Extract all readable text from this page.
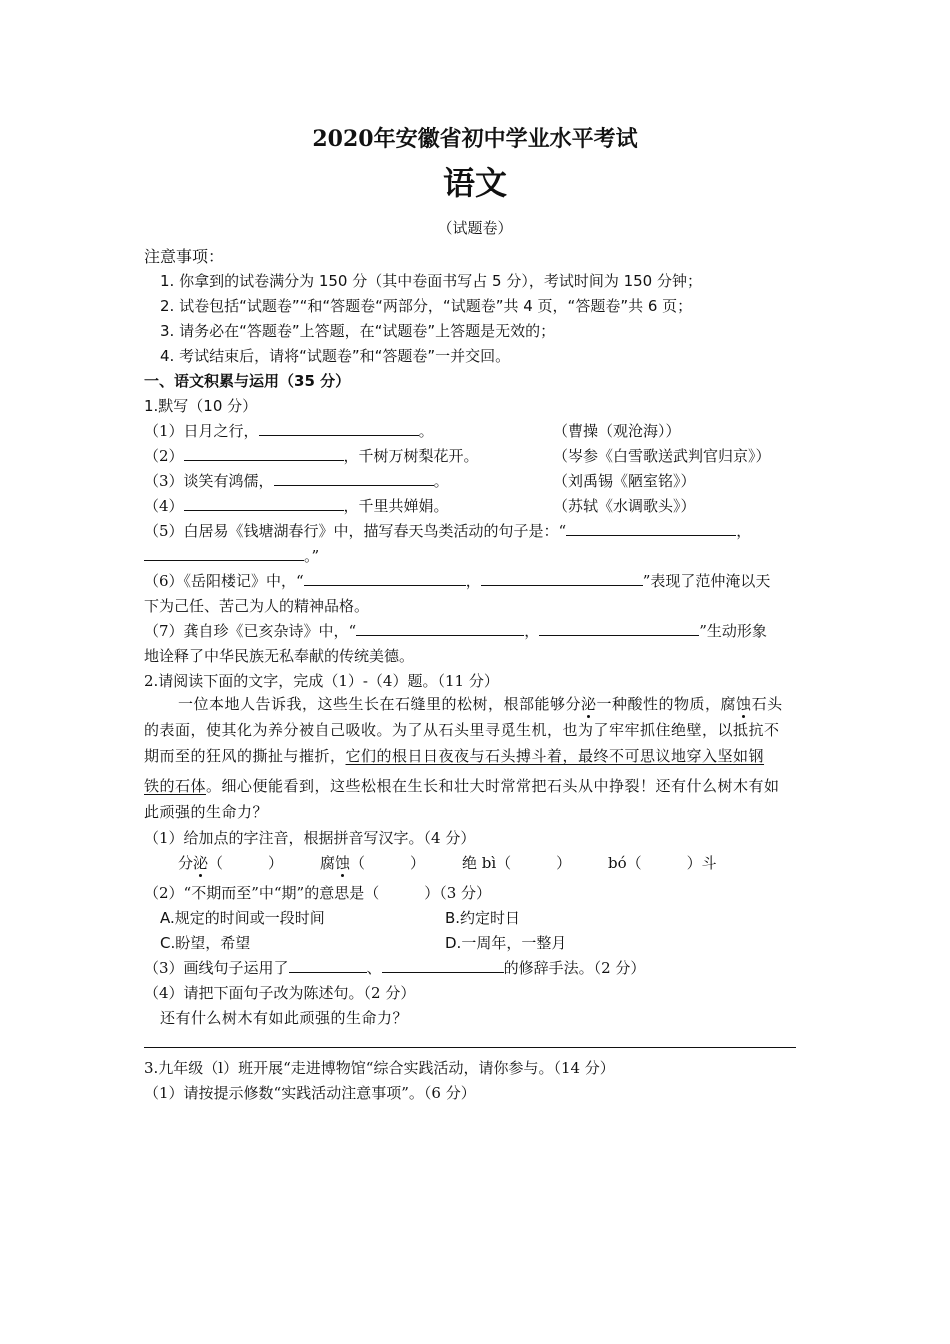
2020年安徽省初中学业水平考试
语文
（试题卷）
注意事项：
1. 你拿到的试卷满分为 150 分（其中卷面书写占 5 分），考试时间为 150 分钟；
2. 试卷包括“试题卷”“和“答题卷“两部分，“试题卷”共 4 页，“答题卷”共 6 页；
3. 请务必在“答题卷”上答题，在“试题卷”上答题是无效的；
4. 考试结束后，请将“试题卷”和“答题卷”一并交回。
一、语文积累与运用（35 分）
1.默写（10 分）
（1）日月之行，	。	（曹操（观沧海））
（2）	，千树万树梨花开。	（岑参《白雪歌送武判官归京》）
（3）谈笑有鸿儒，	。	（刘禹锡《陋室铭》）
（4）	，千里共婵娟。	（苏轼《水调歌头》）
（5）白居易《钱塘湖春行》中，描写春天鸟类活动的句子是：“	，
。”
（6）《岳阳楼记》中，“	，	”表现了范仲淹以天
下为己任、苦己为人的精神品格。
（7）龚自珍《已亥杂诗》中，“	，	”生动形象
地诠释了中华民族无私奉献的传统美德。
2.请阅读下面的文字，完成（1）-（4）题。（11 分）
一位本地人告诉我，这些生长在石缝里的松树，根部能够分泌一种酸性的物质，腐蚀石头
的表面，使其化为养分被自己吸收。为了从石头里寻觅生机，也为了牢牢抓住绝壁，以抵抗不
期而至的狂风的撕扯与摧折，它们的根日日夜夜与石头搏斗着，最终不可思议地穿入坚如钢
铁的石体。细心便能看到，这些松根在生长和壮大时常常把石头从中挣裂！还有什么树木有如
此顽强的生命力？
（1）给加点的字注音，根据拼音写汉字。（4 分）
分泌（　　　） 腐蚀（　　　） 绝 bì（　　　） bó（　　　）斗
（2）“不期而至”中“期”的意思是（　　　）（3 分）
A.规定的时间或一段时间	B.约定时日
C.盼望，希望	D.一周年，一整月
（3）画线句子运用了	、	的修辞手法。（2 分）
（4）请把下面句子改为陈述句。（2 分）
还有什么树木有如此顽强的生命力？
3.九年级（l）班开展“走进博物馆“综合实践活动，请你参与。（14 分）
（1）请按提示修数“实践活动注意事项”。（6 分）
